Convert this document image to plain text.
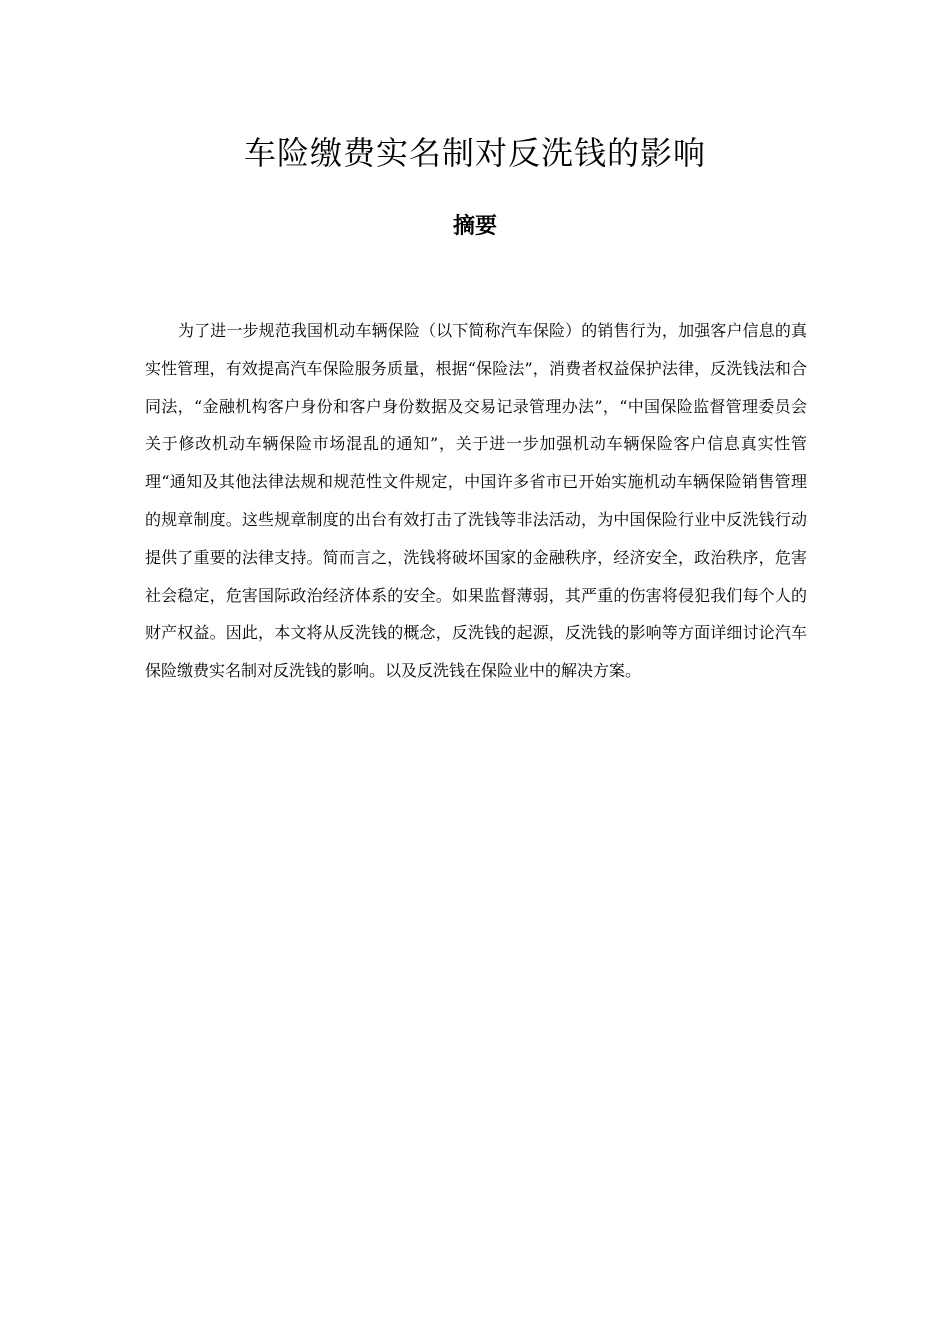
车险缴费实名制对反洗钱的影响
摘要

为了进一步规范我国机动车辆保险（以下简称汽车保险）的销售行为，加强客户信息的真实性管理，有效提高汽车保险服务质量，根据“保险法”，消费者权益保护法律，反洗钱法和合同法，“金融机构客户身份和客户身份数据及交易记录管理办法”，“中国保险监督管理委员会关于修改机动车辆保险市场混乱的通知”，关于进一步加强机动车辆保险客户信息真实性管理“通知及其他法律法规和规范性文件规定，中国许多省市已开始实施机动车辆保险销售管理的规章制度。这些规章制度的出台有效打击了洗钱等非法活动，为中国保险行业中反洗钱行动提供了重要的法律支持。简而言之，洗钱将破坏国家的金融秩序，经济安全，政治秩序，危害社会稳定，危害国际政治经济体系的安全。如果监督薄弱，其严重的伤害将侵犯我们每个人的财产权益。因此，本文将从反洗钱的概念，反洗钱的起源，反洗钱的影响等方面详细讨论汽车保险缴费实名制对反洗钱的影响。以及反洗钱在保险业中的解决方案。
